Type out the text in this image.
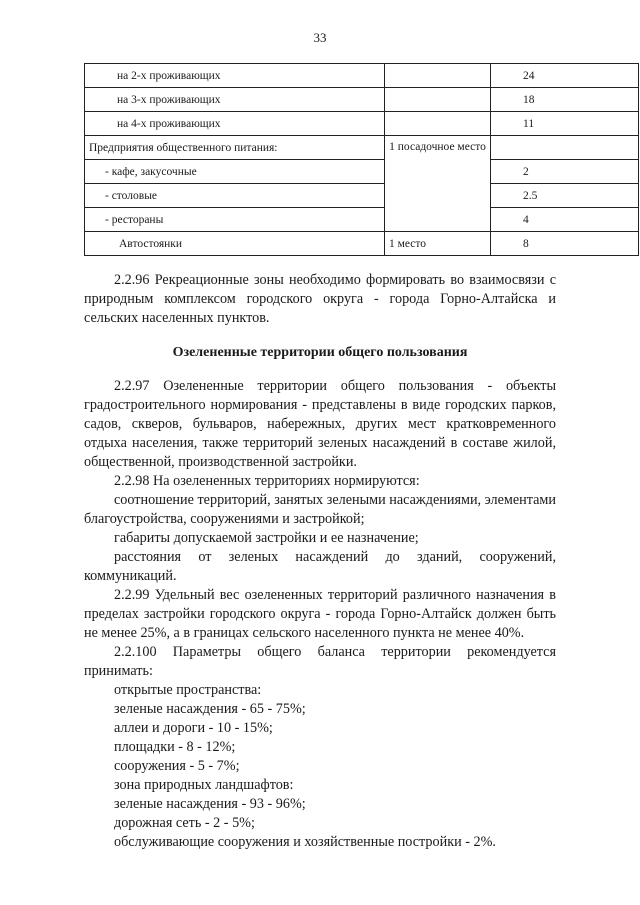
33
на 2-х проживающих		24
на 3-х проживающих		18
на 4-х проживающих		11
Предприятия общественного питания:	1 посадочное место	
- кафе, закусочные		2
- столовые		2.5
- рестораны		4
Автостоянки	1 место	8

2.2.96 Рекреационные зоны необходимо формировать во взаимосвязи с природным комплексом городского округа - города Горно-Алтайска и сельских населенных пунктов.

Озелененные территории общего пользования

2.2.97 Озелененные территории общего пользования - объекты градостроительного нормирования - представлены в виде городских парков, садов, скверов, бульваров, набережных, других мест кратковременного отдыха населения, также территорий зеленых насаждений в составе жилой, общественной, производственной застройки.

2.2.98 На озелененных территориях нормируются:

соотношение территорий, занятых зелеными насаждениями, элементами благоустройства, сооружениями и застройкой;

габариты допускаемой застройки и ее назначение;

расстояния от зеленых насаждений до зданий, сооружений, коммуникаций.

2.2.99 Удельный вес озелененных территорий различного назначения в пределах застройки городского округа - города Горно-Алтайск должен быть не менее 25%, а в границах сельского населенного пункта не менее 40%.

2.2.100 Параметры общего баланса территории рекомендуется принимать:

открытые пространства:

зеленые насаждения - 65 - 75%;

аллеи и дороги - 10 - 15%;

площадки - 8 - 12%;

сооружения - 5 - 7%;

зона природных ландшафтов:

зеленые насаждения - 93 - 96%;

дорожная сеть - 2 - 5%;

обслуживающие сооружения и хозяйственные постройки - 2%.
